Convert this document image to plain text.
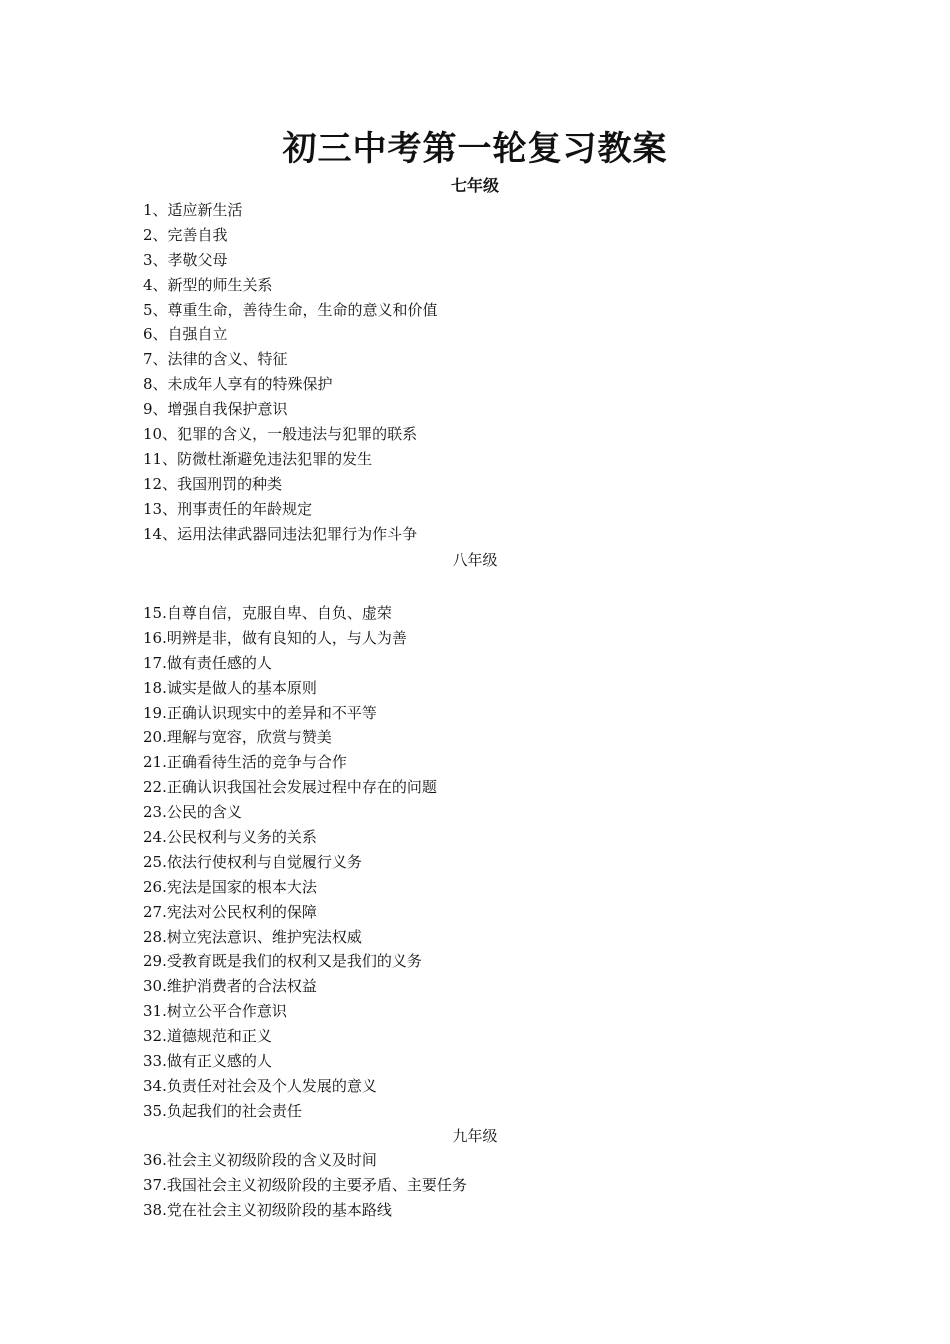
初三中考第一轮复习教案
七年级
1、适应新生活
2、完善自我
3、孝敬父母
4、新型的师生关系
5、尊重生命，善待生命，生命的意义和价值
6、自强自立
7、法律的含义、特征
8、未成年人享有的特殊保护
9、增强自我保护意识
10、犯罪的含义，一般违法与犯罪的联系
11、防微杜渐避免违法犯罪的发生
12、我国刑罚的种类
13、刑事责任的年龄规定
14、运用法律武器同违法犯罪行为作斗争
八年级
15.自尊自信，克服自卑、自负、虚荣
16.明辨是非，做有良知的人，与人为善
17.做有责任感的人
18.诚实是做人的基本原则
19.正确认识现实中的差异和不平等
20.理解与宽容，欣赏与赞美
21.正确看待生活的竞争与合作
22.正确认识我国社会发展过程中存在的问题
23.公民的含义
24.公民权利与义务的关系
25.依法行使权利与自觉履行义务
26.宪法是国家的根本大法
27.宪法对公民权利的保障
28.树立宪法意识、维护宪法权威
29.受教育既是我们的权利又是我们的义务
30.维护消费者的合法权益
31.树立公平合作意识
32.道德规范和正义
33.做有正义感的人
34.负责任对社会及个人发展的意义
35.负起我们的社会责任
九年级
36.社会主义初级阶段的含义及时间
37.我国社会主义初级阶段的主要矛盾、主要任务
38.党在社会主义初级阶段的基本路线
